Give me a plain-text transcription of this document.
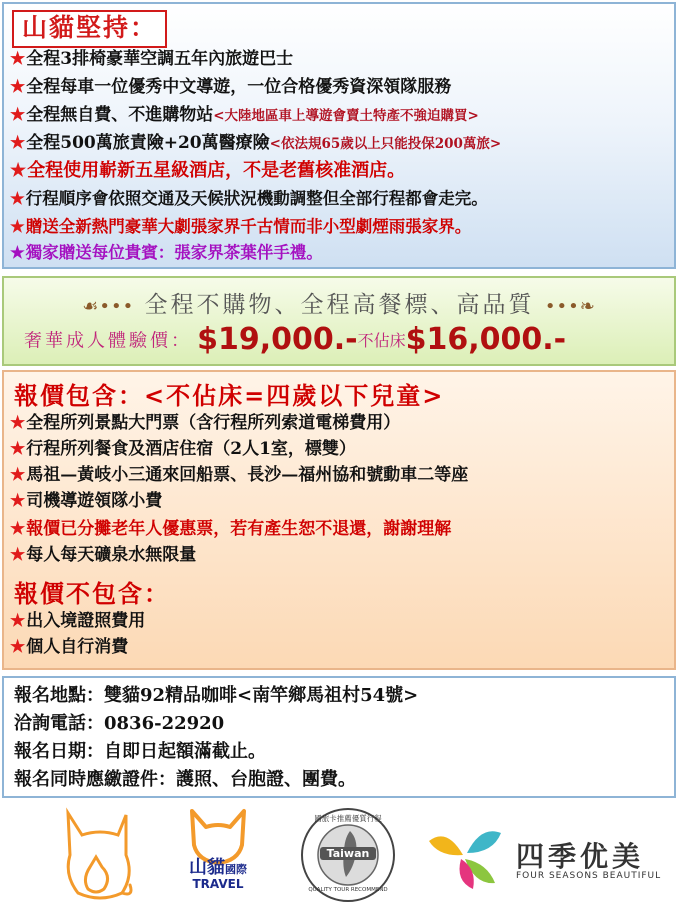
山貓堅持：
★全程3排椅豪華空調五年內旅遊巴士
★全程每車一位優秀中文導遊，一位合格優秀資深領隊服務
★全程無自費、不進購物站<大陸地區車上導遊會賣土特產不強迫購買>
★全程500萬旅責險+20萬醫療險<依法規65歲以上只能投保200萬旅>
★全程使用嶄新五星級酒店，不是老舊核准酒店。
★行程順序會依照交通及天候狀況機動調整但全部行程都會走完。
★贈送全新熱門豪華大劇張家界千古情而非小型劇煙雨張家界。
★獨家贈送每位貴賓：張家界茶葉伴手禮。
☙••• 全程不購物、全程高餐標、高品質 •••❧
奢華成人體驗價： $19,000.-不佔床$16,000.-
報價包含：<不佔床=四歲以下兒童>
★全程所列景點大門票（含行程所列索道電梯費用）
★行程所列餐食及酒店住宿（2人1室，標雙）
★馬祖—黃岐小三通來回船票、長沙—福州協和號動車二等座
★司機導遊領隊小費
★報價已分攤老年人優惠票，若有產生恕不退還，謝謝理解
★每人每天礦泉水無限量
報價不包含：
★出入境證照費用
★個人自行消費
報名地點：雙貓92精品咖啡<南竿鄉馬祖村54號>
洽詢電話：0836-22920
報名日期：自即日起額滿截止。
報名同時應繳證件：護照、台胞證、團費。
山貓國際
TRAVEL
國旅卡推薦優質行程
Taiwan
QUALITY TOUR RECOMMEND
四季优美
FOUR SEASONS BEAUTIFUL
